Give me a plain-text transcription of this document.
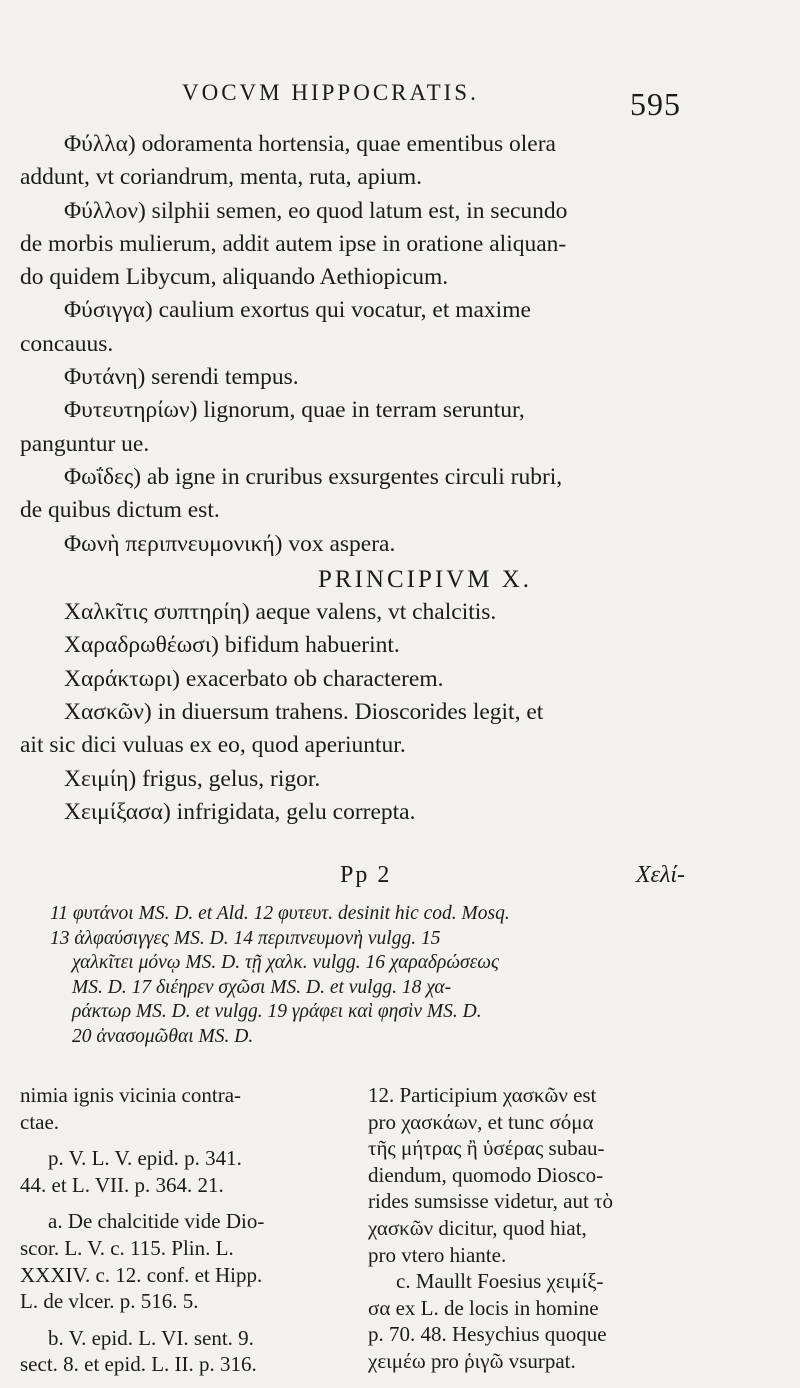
VOCVM HIPPOCRATIS.	595
Φύλλα) odoramenta hortensia, quae ementibus olera
addunt, vt coriandrum, menta, ruta, apium.
Φύλλον) silphii semen, eo quod latum est, in secundo
de morbis mulierum, addit autem ipse in oratione aliquan-
do quidem Libycum, aliquando Aethiopicum.
Φύσιγγα) caulium exortus qui vocatur, et maxime
concauus.
Φυτάνη) serendi tempus.
Φυτευτηρίων) lignorum, quae in terram seruntur,
panguntur ue.
Φωΐδες) ab igne in cruribus exsurgentes circuli rubri,
de quibus dictum est.
Φωνὴ περιπνευμονική) vox aspera.
PRINCIPIVM X.
Χαλκῖτις συπτηρίη) aeque valens, vt chalcitis.
Χαραδρωθέωσι) bifidum habuerint.
Χαράκτωρι) exacerbato ob characterem.
Χασκῶν) in diuersum trahens. Dioscorides legit, et
ait sic dici vuluas ex eo, quod aperiuntur.
Χειμίη) frigus, gelus, rigor.
Χειμίξασα) infrigidata, gelu correpta.
Pp 2	Χελί-
11 φυτάνοι MS. D. et Ald. 12 φυτευτ. desinit hic cod. Mosq.
13 ἀλφαύσιγγες MS. D. 14 περιπνευμονὴ vulgg. 15
χαλκῖτει μόνῳ MS. D. τῇ χαλκ. vulgg. 16 χαραδρώσεως
MS. D. 17 διέηρεν σχῶσι MS. D. et vulgg. 18 χα-
ράκτωρ MS. D. et vulgg. 19 γράφει καὶ φησὶν MS. D.
20 ἀνασομῶθαι MS. D.
nimia ignis vicinia contra-
ctae.
p. V. L. V. epid. p. 341.
44. et L. VII. p. 364. 21.
a. De chalcitide vide Dio-
scor. L. V. c. 115. Plin. L.
XXXIV. c. 12. conf. et Hipp.
L. de vlcer. p. 516. 5.
b. V. epid. L. VI. sent. 9.
sect. 8. et epid. L. II. p. 316.
12. Participium χασκῶν est
pro χασκάων, et tunc σόμα
τῆς μήτρας ἢ ὑσέρας subau-
diendum, quomodo Diosco-
rides sumsisse videtur, aut τὸ
χασκῶν dicitur, quod hiat,
pro vtero hiante.
c. Maullt Foesius χειμίξ-
σα ex L. de locis in homine
p. 70. 48. Hesychius quoque
χειμέω pro ῥιγῶ vsurpat.
